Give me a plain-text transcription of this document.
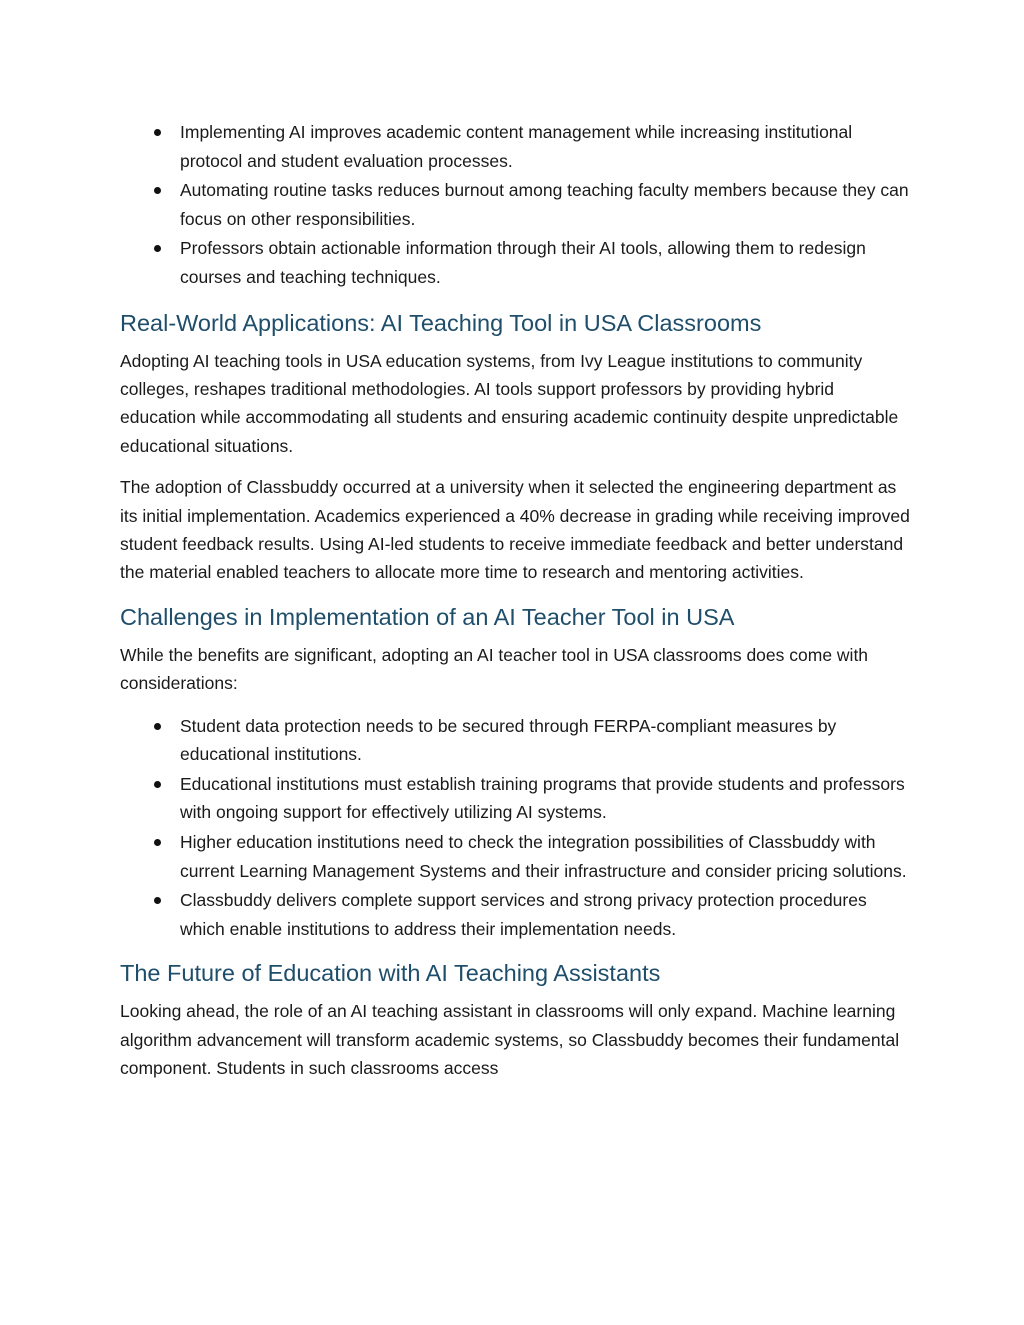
Implementing AI improves academic content management while increasing institutional protocol and student evaluation processes.
Automating routine tasks reduces burnout among teaching faculty members because they can focus on other responsibilities.
Professors obtain actionable information through their AI tools, allowing them to redesign courses and teaching techniques.
Real-World Applications: AI Teaching Tool in USA Classrooms

Adopting AI teaching tools in USA education systems, from Ivy League institutions to community colleges, reshapes traditional methodologies. AI tools support professors by providing hybrid education while accommodating all students and ensuring academic continuity despite unpredictable educational situations.

The adoption of Classbuddy occurred at a university when it selected the engineering department as its initial implementation. Academics experienced a 40% decrease in grading while receiving improved student feedback results. Using AI-led students to receive immediate feedback and better understand the material enabled teachers to allocate more time to research and mentoring activities.

Challenges in Implementation of an AI Teacher Tool in USA

While the benefits are significant, adopting an AI teacher tool in USA classrooms does come with considerations:

Student data protection needs to be secured through FERPA-compliant measures by educational institutions.
Educational institutions must establish training programs that provide students and professors with ongoing support for effectively utilizing AI systems.
Higher education institutions need to check the integration possibilities of Classbuddy with current Learning Management Systems and their infrastructure and consider pricing solutions.
Classbuddy delivers complete support services and strong privacy protection procedures which enable institutions to address their implementation needs.
The Future of Education with AI Teaching Assistants

Looking ahead, the role of an AI teaching assistant in classrooms will only expand. Machine learning algorithm advancement will transform academic systems, so Classbuddy becomes their fundamental component. Students in such classrooms access
